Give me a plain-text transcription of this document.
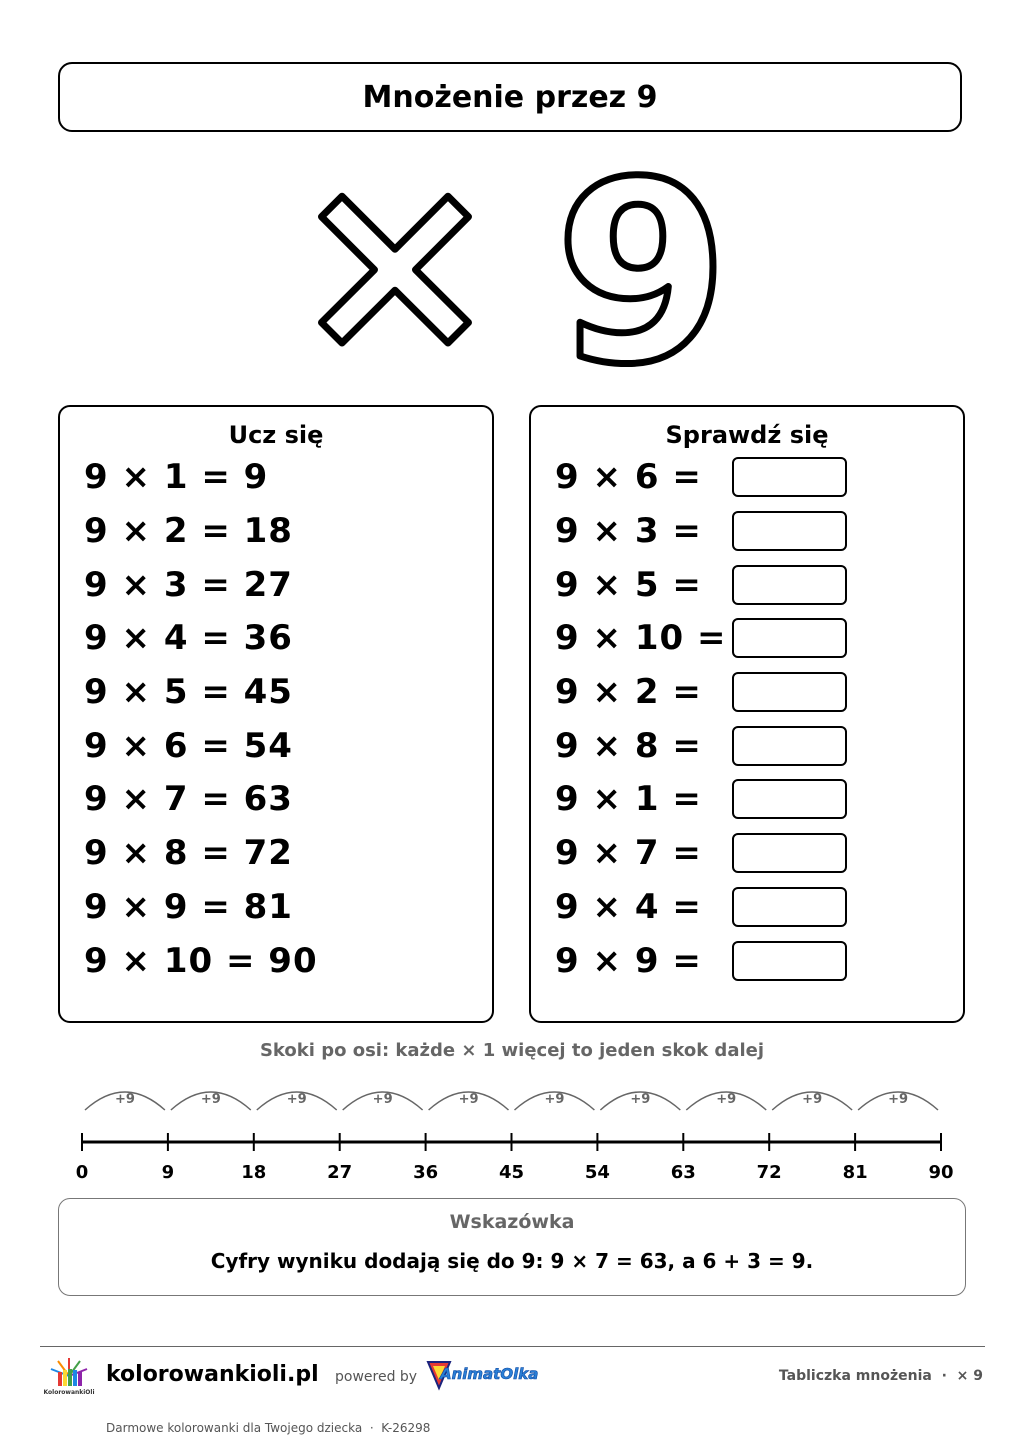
Mnożenie przez 9
× 9
Ucz się
9 × 1 = 9
9 × 2 = 18
9 × 3 = 27
9 × 4 = 36
9 × 5 = 45
9 × 6 = 54
9 × 7 = 63
9 × 8 = 72
9 × 9 = 81
9 × 10 = 90
Sprawdź się
9 × 6 =
9 × 3 =
9 × 5 =
9 × 10 =
9 × 2 =
9 × 8 =
9 × 1 =
9 × 7 =
9 × 4 =
9 × 9 =
Skoki po osi: każde × 1 więcej to jeden skok dalej
0
+9
9
+9
18
+9
27
+9
36
+9
45
+9
54
+9
63
+9
72
+9
81
+9
90
Wskazówka
Cyfry wyniku dodają się do 9: 9 × 7 = 63, a 6 + 3 = 9.
KolorowankiOli
kolorowankioli.pl powered by AnimatOlka	Tabliczka mnożenia  ·  × 9
Darmowe kolorowanki dla Twojego dziecka  ·  K-26298
